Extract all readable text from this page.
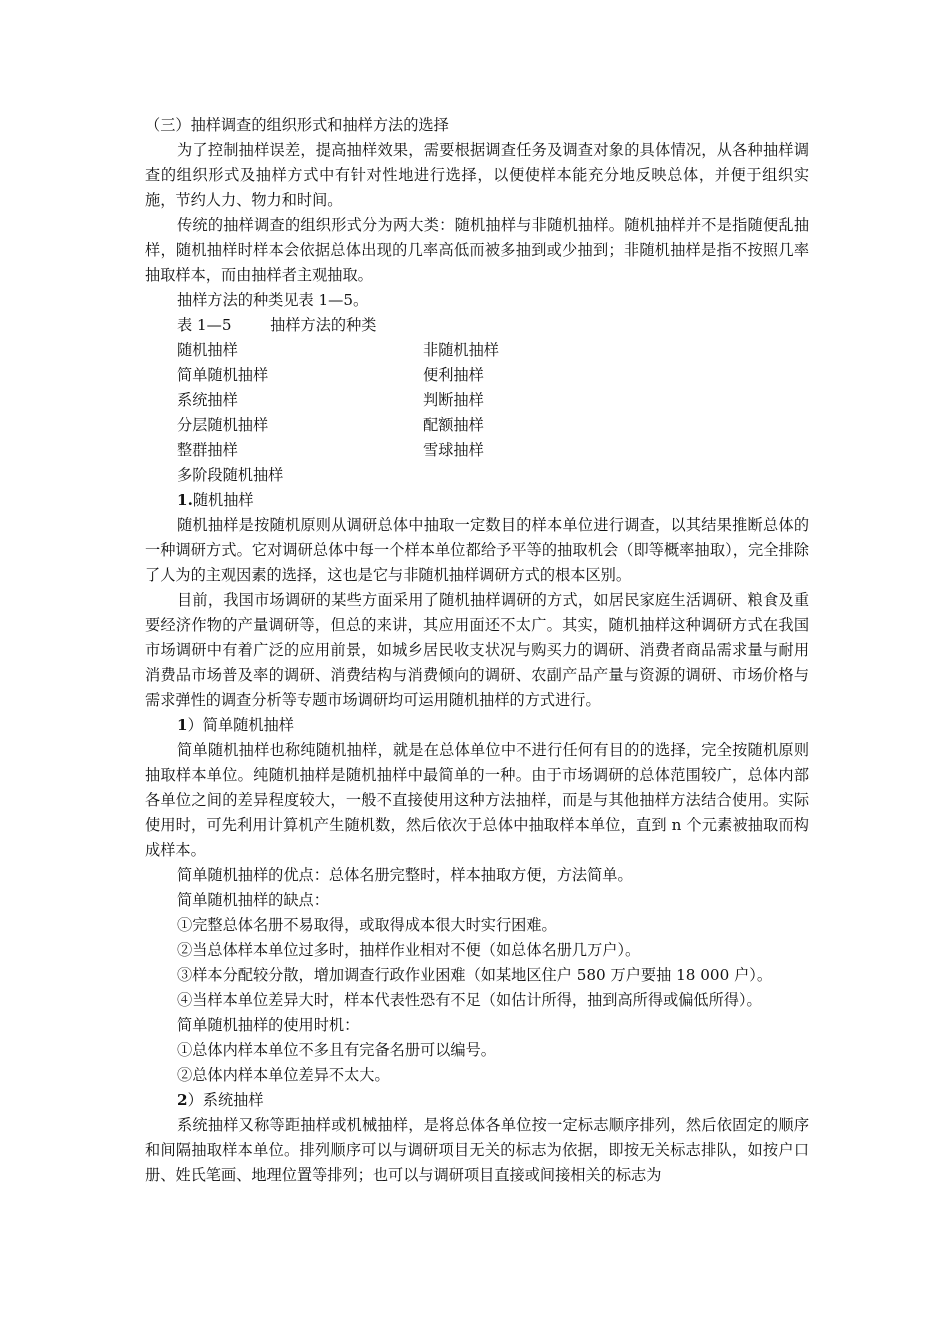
（三）抽样调查的组织形式和抽样方法的选择

为了控制抽样误差，提高抽样效果，需要根据调查任务及调查对象的具体情况，从各种抽样调查的组织形式及抽样方式中有针对性地进行选择，以便使样本能充分地反映总体，并便于组织实施，节约人力、物力和时间。

传统的抽样调查的组织形式分为两大类：随机抽样与非随机抽样。随机抽样并不是指随便乱抽样，随机抽样时样本会依据总体出现的几率高低而被多抽到或少抽到；非随机抽样是指不按照几率抽取样本，而由抽样者主观抽取。

抽样方法的种类见表 1—5。

表 1—5	抽样方法的种类
随机抽样	非随机抽样
简单随机抽样	便利抽样
系统抽样	判断抽样
分层随机抽样	配额抽样
整群抽样	雪球抽样
多阶段随机抽样

1.随机抽样

随机抽样是按随机原则从调研总体中抽取一定数目的样本单位进行调查，以其结果推断总体的一种调研方式。它对调研总体中每一个样本单位都给予平等的抽取机会（即等概率抽取），完全排除了人为的主观因素的选择，这也是它与非随机抽样调研方式的根本区别。

目前，我国市场调研的某些方面采用了随机抽样调研的方式，如居民家庭生活调研、粮食及重要经济作物的产量调研等，但总的来讲，其应用面还不太广。其实，随机抽样这种调研方式在我国市场调研中有着广泛的应用前景，如城乡居民收支状况与购买力的调研、消费者商品需求量与耐用消费品市场普及率的调研、消费结构与消费倾向的调研、农副产品产量与资源的调研、市场价格与需求弹性的调查分析等专题市场调研均可运用随机抽样的方式进行。

1）简单随机抽样

简单随机抽样也称纯随机抽样，就是在总体单位中不进行任何有目的的选择，完全按随机原则抽取样本单位。纯随机抽样是随机抽样中最简单的一种。由于市场调研的总体范围较广，总体内部各单位之间的差异程度较大，一般不直接使用这种方法抽样，而是与其他抽样方法结合使用。实际使用时，可先利用计算机产生随机数，然后依次于总体中抽取样本单位，直到 n 个元素被抽取而构成样本。

简单随机抽样的优点：总体名册完整时，样本抽取方便，方法简单。

简单随机抽样的缺点：

①完整总体名册不易取得，或取得成本很大时实行困难。

②当总体样本单位过多时，抽样作业相对不便（如总体名册几万户）。

③样本分配较分散，增加调查行政作业困难（如某地区住户 580 万户要抽 18 000 户）。

④当样本单位差异大时，样本代表性恐有不足（如估计所得，抽到高所得或偏低所得）。

简单随机抽样的使用时机：

①总体内样本单位不多且有完备名册可以编号。

②总体内样本单位差异不太大。

2）系统抽样

系统抽样又称等距抽样或机械抽样，是将总体各单位按一定标志顺序排列，然后依固定的顺序和间隔抽取样本单位。排列顺序可以与调研项目无关的标志为依据，即按无关标志排队，如按户口册、姓氏笔画、地理位置等排列；也可以与调研项目直接或间接相关的标志为
